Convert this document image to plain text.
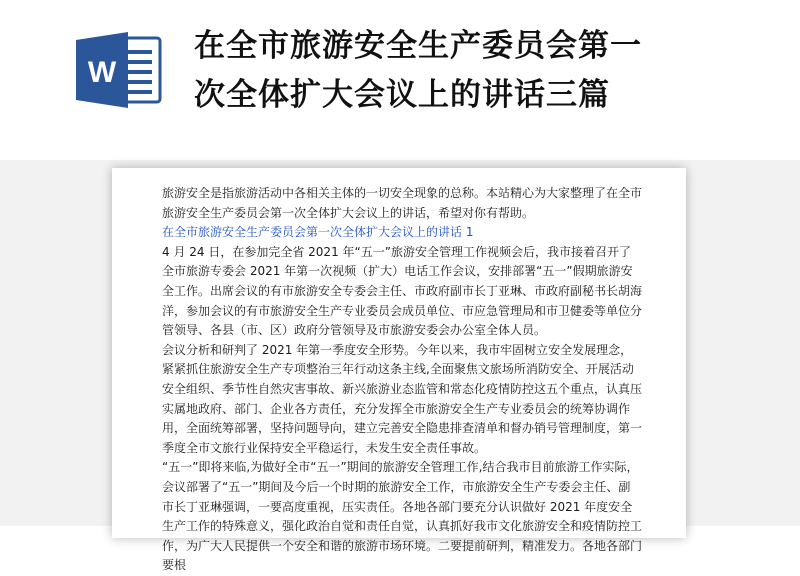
W
在全市旅游安全生产委员会第一
次全体扩大会议上的讲话三篇

旅游安全是指旅游活动中各相关主体的一切安全现象的总称。本站精心为大家整理了在全市旅游安全生产委员会第一次全体扩大会议上的讲话，希望对你有帮助。

在全市旅游安全生产委员会第一次全体扩大会议上的讲话 1

4 月 24 日，在参加完全省 2021 年“五一”旅游安全管理工作视频会后，我市接着召开了全市旅游专委会 2021 年第一次视频（扩大）电话工作会议，安排部署“五一”假期旅游安全工作。出席会议的有市旅游安全专委会主任、市政府副市长丁亚琳、市政府副秘书长胡海洋，参加会议的有市旅游安全生产专业委员会成员单位、市应急管理局和市卫健委等单位分管领导、各县（市、区）政府分管领导及市旅游安委会办公室全体人员。

会议分析和研判了 2021 年第一季度安全形势。今年以来，我市牢固树立安全发展理念，紧紧抓住旅游安全生产专项整治三年行动这条主线,全面聚焦文旅场所消防安全、开展活动安全组织、季节性自然灾害事故、新兴旅游业态监管和常态化疫情防控这五个重点，认真压实属地政府、部门、企业各方责任，充分发挥全市旅游安全生产专业委员会的统筹协调作用，全面统筹部署，坚持问题导向，建立完善安全隐患排查清单和督办销号管理制度，第一季度全市文旅行业保持安全平稳运行，未发生安全责任事故。

“五一”即将来临,为做好全市“五一”期间的旅游安全管理工作,结合我市目前旅游工作实际，会议部署了“五一”期间及今后一个时期的旅游安全工作，市旅游安全生产专委会主任、副市长丁亚琳强调，一要高度重视，压实责任。各地各部门要充分认识做好 2021 年度安全生产工作的特殊意义，强化政治自觉和责任自觉，认真抓好我市文化旅游安全和疫情防控工作，为广大人民提供一个安全和谐的旅游市场环境。二要提前研判，精准发力。各地各部门要根
